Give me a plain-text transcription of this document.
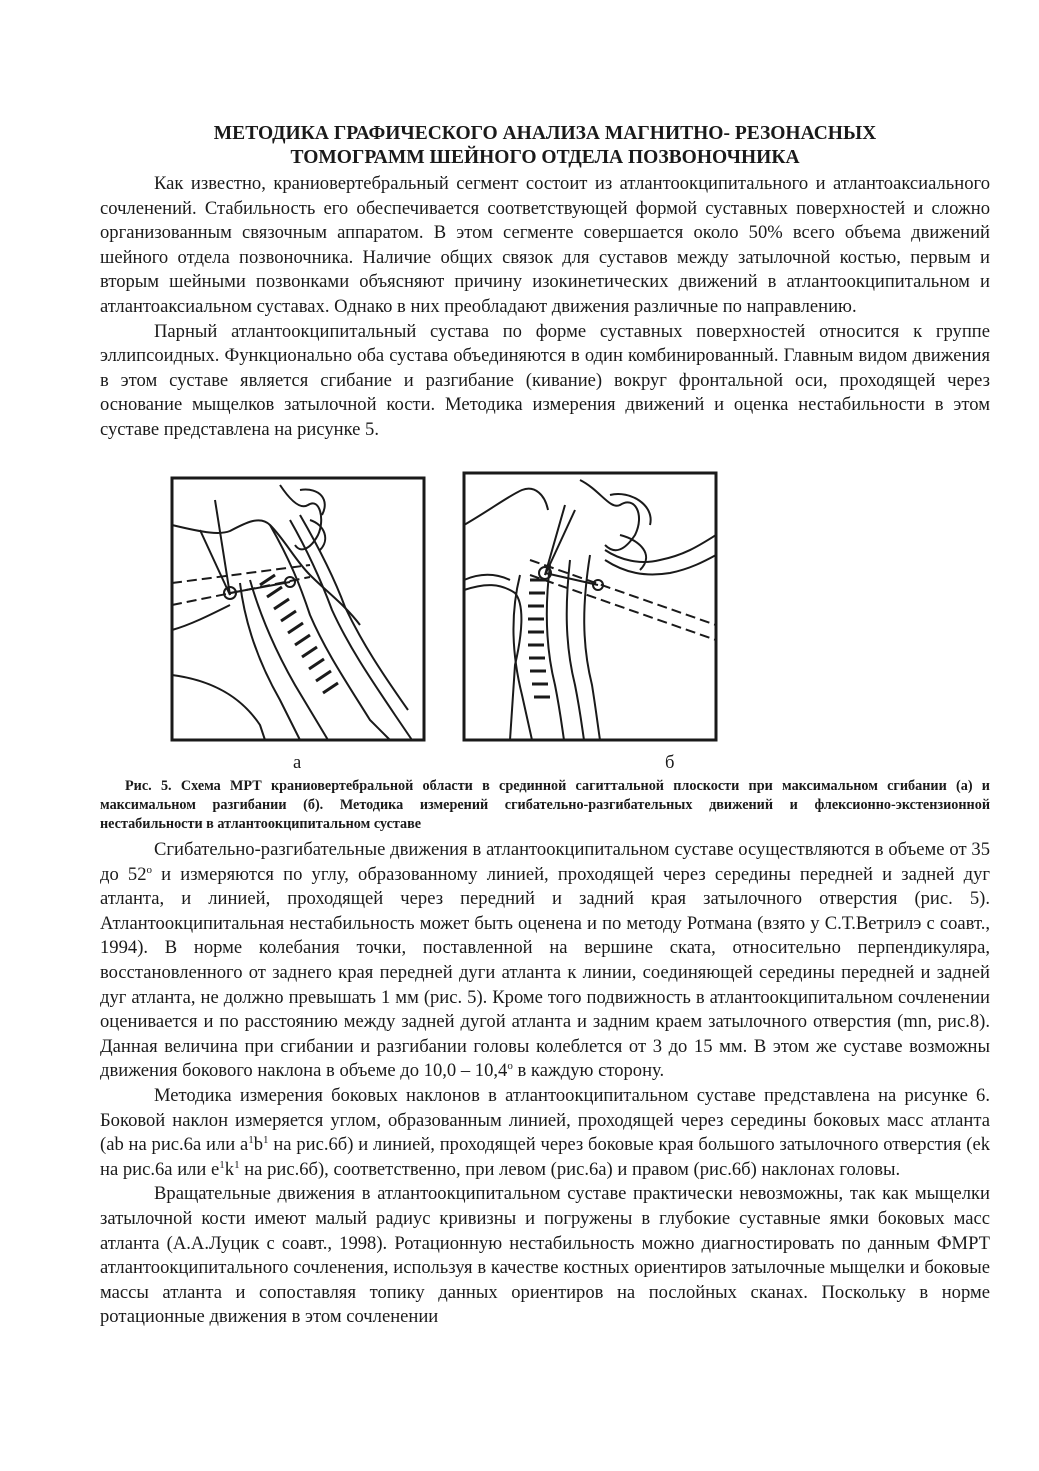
МЕТОДИКА ГРАФИЧЕСКОГО АНАЛИЗА МАГНИТНО- РЕЗОНАСНЫХ
ТОМОГРАММ ШЕЙНОГО ОТДЕЛА ПОЗВОНОЧНИКА

Как известно, краниовертебральный сегмент состоит из атлантоокципитального и атлантоаксиального сочленений. Стабильность его обеспечивается соответствующей формой суставных поверхностей и сложно организованным связочным аппаратом. В этом сегменте совершается около 50% всего объема движений шейного отдела позвоночника. Наличие общих связок для суставов между затылочной костью, первым и вторым шейными позвонками объясняют причину изокинетических движений в атлантоокципитальном и атлантоаксиальном суставах. Однако в них преобладают движения различные по направлению.

Парный атлантоокципитальный сустава по форме суставных поверхностей относится к группе эллипсоидных. Функционально оба сустава объединяются в один комбинированный. Главным видом движения в этом суставе является сгибание и разгибание (кивание) вокруг фронтальной оси, проходящей через основание мыщелков затылочной кости. Методика измерения движений и оценка нестабильности в этом суставе представлена на рисунке 5.

а	б

Рис. 5. Схема МРТ краниовертебральной области в срединной сагиттальной плоскости при максимальном сгибании (а) и максимальном разгибании (б). Методика измерений сгибательно-разгибательных движений и флексионно-экстензионной нестабильности в атлантоокципитальном суставе

Сгибательно-разгибательные движения в атлантоокципитальном суставе осуществляются в объеме от 35 до 52$^o$ и измеряются по углу, образованному линией, проходящей через середины передней и задней дуг атланта, и линией, проходящей через передний и задний края затылочного отверстия (рис. 5). Атлантоокципитальная нестабильность может быть оценена и по методу Ротмана (взято у С.Т.Ветрилэ с соавт., 1994). В норме колебания точки, поставленной на вершине ската, относительно перпендикуляра, восстановленного от заднего края передней дуги атланта к линии, соединяющей середины передней и задней дуг атланта, не должно превышать 1 мм (рис. 5). Кроме того подвижность в атлантоокципитальном сочленении оценивается и по расстоянию между задней дугой атланта и задним краем затылочного отверстия (mn, рис.8). Данная величина при сгибании и разгибании головы колеблется от 3 до 15 мм. В этом же суставе возможны движения бокового наклона в объеме до 10,0 – 10,4$^o$ в каждую сторону.

Методика измерения боковых наклонов в атлантоокципитальном суставе представлена на рисунке 6. Боковой наклон измеряется углом, образованным линией, проходящей через середины боковых масс атланта (ab на рис.6а или $a^1b^1$ на рис.6б) и линией, проходящей через боковые края большого затылочного отверстия (ek на рис.6а или $e^1k^1$ на рис.6б), соответственно, при левом (рис.6а) и правом (рис.6б) наклонах головы.

Вращательные движения в атлантоокципитальном суставе практически невозможны, так как мыщелки затылочной кости имеют малый радиус кривизны и погружены в глубокие суставные ямки боковых масс атланта (А.А.Луцик с соавт., 1998). Ротационную нестабильность можно диагностировать по данным ФМРТ атлантоокципитального сочленения, используя в качестве костных ориентиров затылочные мыщелки и боковые массы атланта и сопоставляя топику данных ориентиров на послойных сканах. Поскольку в норме ротационные движения в этом сочленении
